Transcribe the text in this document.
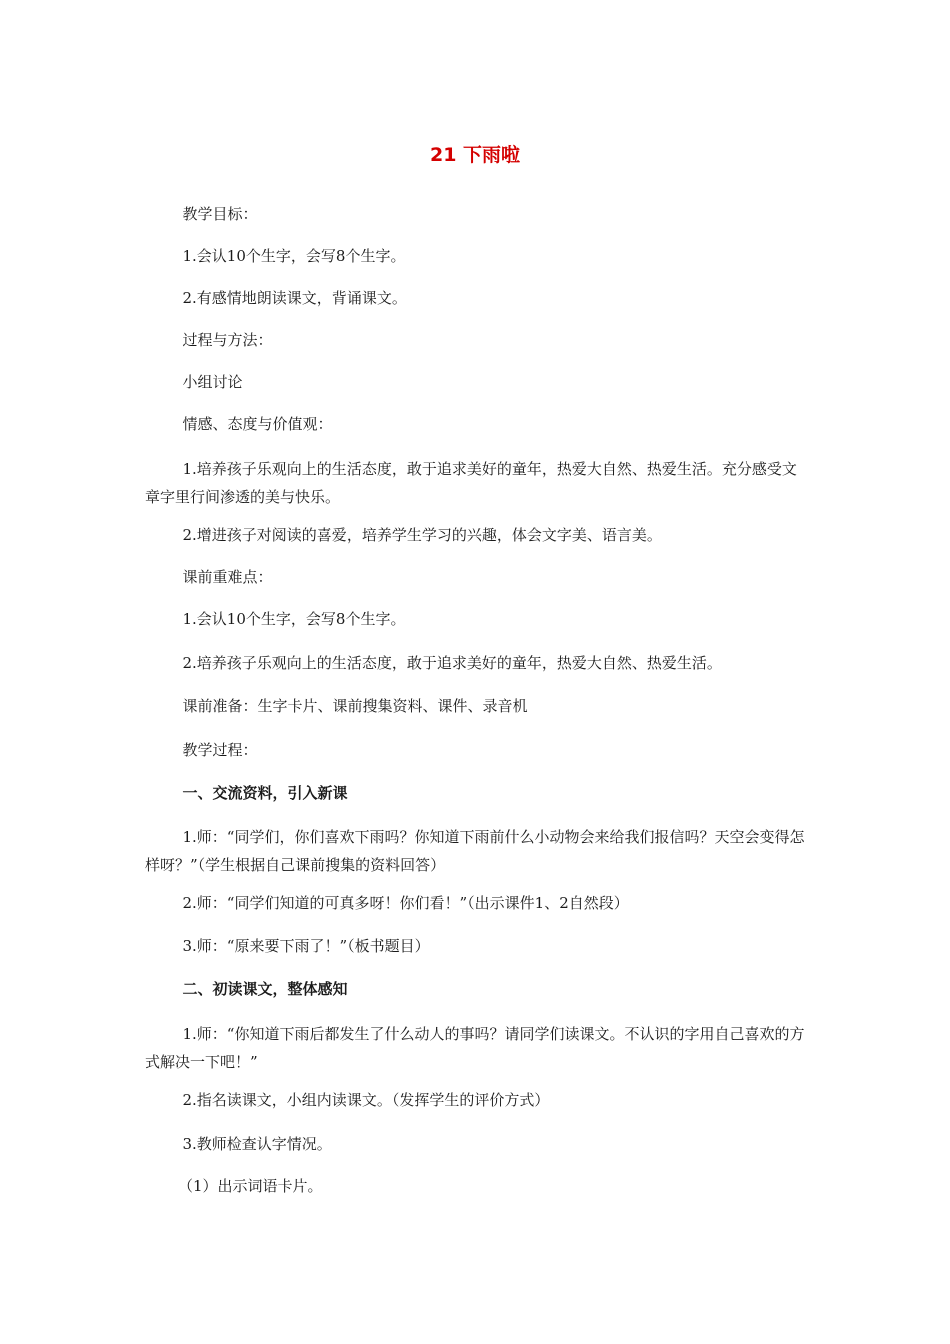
21 下雨啦

教学目标：

1.会认10个生字，会写8个生字。

2.有感情地朗读课文，背诵课文。

过程与方法：

小组讨论

情感、态度与价值观：

1.培养孩子乐观向上的生活态度，敢于追求美好的童年，热爱大自然、热爱生活。充分感受文章字里行间渗透的美与快乐。

2.增进孩子对阅读的喜爱，培养学生学习的兴趣，体会文字美、语言美。

课前重难点：

1.会认10个生字，会写8个生字。

2.培养孩子乐观向上的生活态度，敢于追求美好的童年，热爱大自然、热爱生活。

课前准备：生字卡片、课前搜集资料、课件、录音机

教学过程：

一、交流资料，引入新课

1.师：“同学们，你们喜欢下雨吗？你知道下雨前什么小动物会来给我们报信吗？天空会变得怎样呀？”（学生根据自己课前搜集的资料回答）

2.师：“同学们知道的可真多呀！你们看！”（出示课件1、2自然段）

3.师：“原来要下雨了！”（板书题目）

二、初读课文，整体感知

1.师：“你知道下雨后都发生了什么动人的事吗？请同学们读课文。不认识的字用自己喜欢的方式解决一下吧！”

2.指名读课文，小组内读课文。（发挥学生的评价方式）

3.教师检查认字情况。

（1）出示词语卡片。
